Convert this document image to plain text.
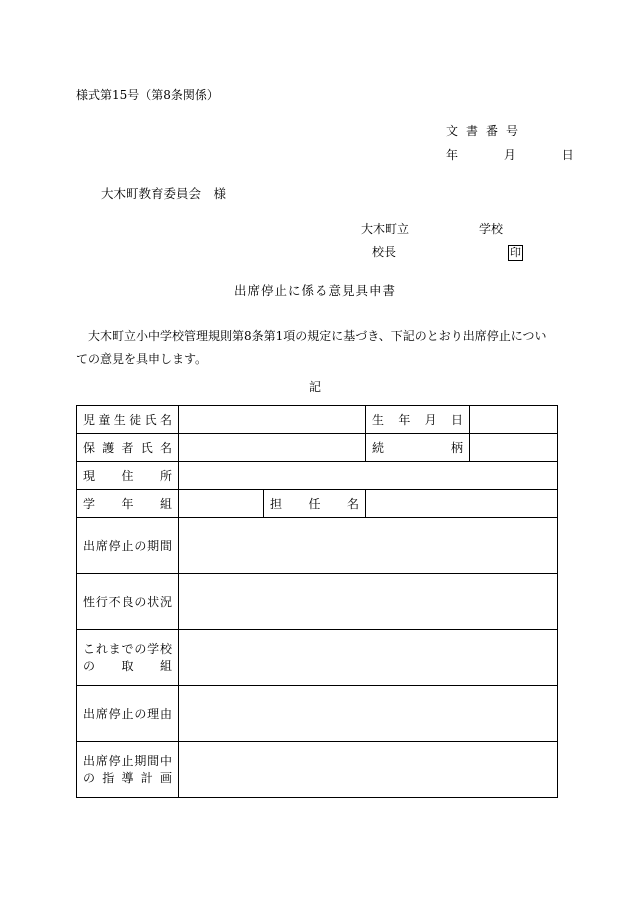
様式第15号（第8条関係）
文書番号
年	月	日
大木町教育委員会　様
大木町立	学校
校長	印
出席停止に係る意見具申書
　大木町立小中学校管理規則第8条第1項の規定に基づき、下記のとおり出席停止についての意見を具申します。
記
児童生徒氏名			生年月日	
保護者氏名			続柄	
現住所				
学年組		担任名		
出席停止の期間				
性行不良の状況				

これまでの学校
の取組				

出席停止の理由				

出席停止期間中
の指導計画				
